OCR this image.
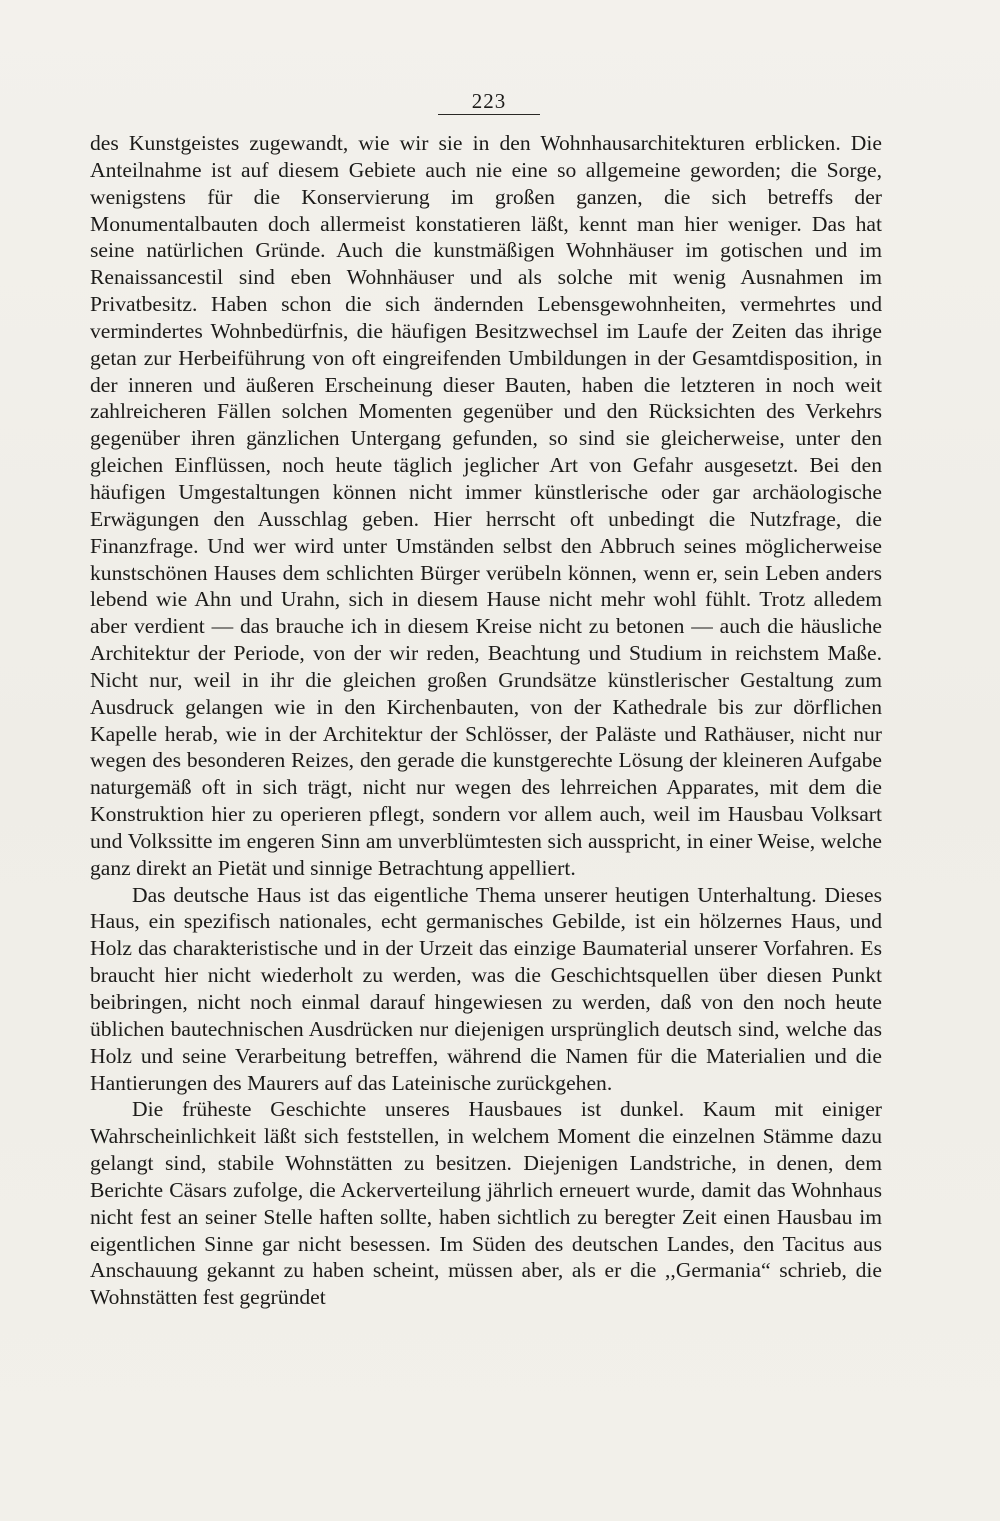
223

des Kunstgeistes zugewandt, wie wir sie in den Wohnhausarchitekturen erblicken. Die Anteilnahme ist auf diesem Gebiete auch nie eine so allgemeine geworden; die Sorge, wenigstens für die Konservierung im großen ganzen, die sich betreffs der Monumentalbauten doch allermeist konstatieren läßt, kennt man hier weniger. Das hat seine natürlichen Gründe. Auch die kunstmäßigen Wohnhäuser im gotischen und im Renaissancestil sind eben Wohnhäuser und als solche mit wenig Ausnahmen im Privatbesitz. Haben schon die sich ändernden Lebensgewohnheiten, vermehrtes und vermindertes Wohnbedürfnis, die häufigen Besitzwechsel im Laufe der Zeiten das ihrige getan zur Herbeiführung von oft eingreifenden Umbildungen in der Gesamtdisposition, in der inneren und äußeren Erscheinung dieser Bauten, haben die letzteren in noch weit zahlreicheren Fällen solchen Momenten gegenüber und den Rücksichten des Verkehrs gegenüber ihren gänzlichen Untergang gefunden, so sind sie gleicherweise, unter den gleichen Einflüssen, noch heute täglich jeglicher Art von Gefahr ausgesetzt. Bei den häufigen Umgestaltungen können nicht immer künstlerische oder gar archäologische Erwägungen den Ausschlag geben. Hier herrscht oft unbedingt die Nutzfrage, die Finanzfrage. Und wer wird unter Umständen selbst den Abbruch seines möglicherweise kunstschönen Hauses dem schlichten Bürger verübeln können, wenn er, sein Leben anders lebend wie Ahn und Urahn, sich in diesem Hause nicht mehr wohl fühlt. Trotz alledem aber verdient — das brauche ich in diesem Kreise nicht zu betonen — auch die häusliche Architektur der Periode, von der wir reden, Beachtung und Studium in reichstem Maße. Nicht nur, weil in ihr die gleichen großen Grundsätze künstlerischer Gestaltung zum Ausdruck gelangen wie in den Kirchenbauten, von der Kathedrale bis zur dörflichen Kapelle herab, wie in der Architektur der Schlösser, der Paläste und Rathäuser, nicht nur wegen des besonderen Reizes, den gerade die kunstgerechte Lösung der kleineren Aufgabe naturgemäß oft in sich trägt, nicht nur wegen des lehrreichen Apparates, mit dem die Konstruktion hier zu operieren pflegt, sondern vor allem auch, weil im Hausbau Volksart und Volkssitte im engeren Sinn am unverblümtesten sich ausspricht, in einer Weise, welche ganz direkt an Pietät und sinnige Betrachtung appelliert.

Das deutsche Haus ist das eigentliche Thema unserer heutigen Unterhaltung. Dieses Haus, ein spezifisch nationales, echt germanisches Gebilde, ist ein hölzernes Haus, und Holz das charakteristische und in der Urzeit das einzige Baumaterial unserer Vorfahren. Es braucht hier nicht wiederholt zu werden, was die Geschichtsquellen über diesen Punkt beibringen, nicht noch einmal darauf hingewiesen zu werden, daß von den noch heute üblichen bautechnischen Ausdrücken nur diejenigen ursprünglich deutsch sind, welche das Holz und seine Verarbeitung betreffen, während die Namen für die Materialien und die Hantierungen des Maurers auf das Lateinische zurückgehen.

Die früheste Geschichte unseres Hausbaues ist dunkel. Kaum mit einiger Wahrscheinlichkeit läßt sich feststellen, in welchem Moment die einzelnen Stämme dazu gelangt sind, stabile Wohnstätten zu besitzen. Diejenigen Landstriche, in denen, dem Berichte Cäsars zufolge, die Ackerverteilung jährlich erneuert wurde, damit das Wohnhaus nicht fest an seiner Stelle haften sollte, haben sichtlich zu beregter Zeit einen Hausbau im eigentlichen Sinne gar nicht besessen. Im Süden des deutschen Landes, den Tacitus aus Anschauung gekannt zu haben scheint, müssen aber, als er die ,,Germania“ schrieb, die Wohnstätten fest gegründet
